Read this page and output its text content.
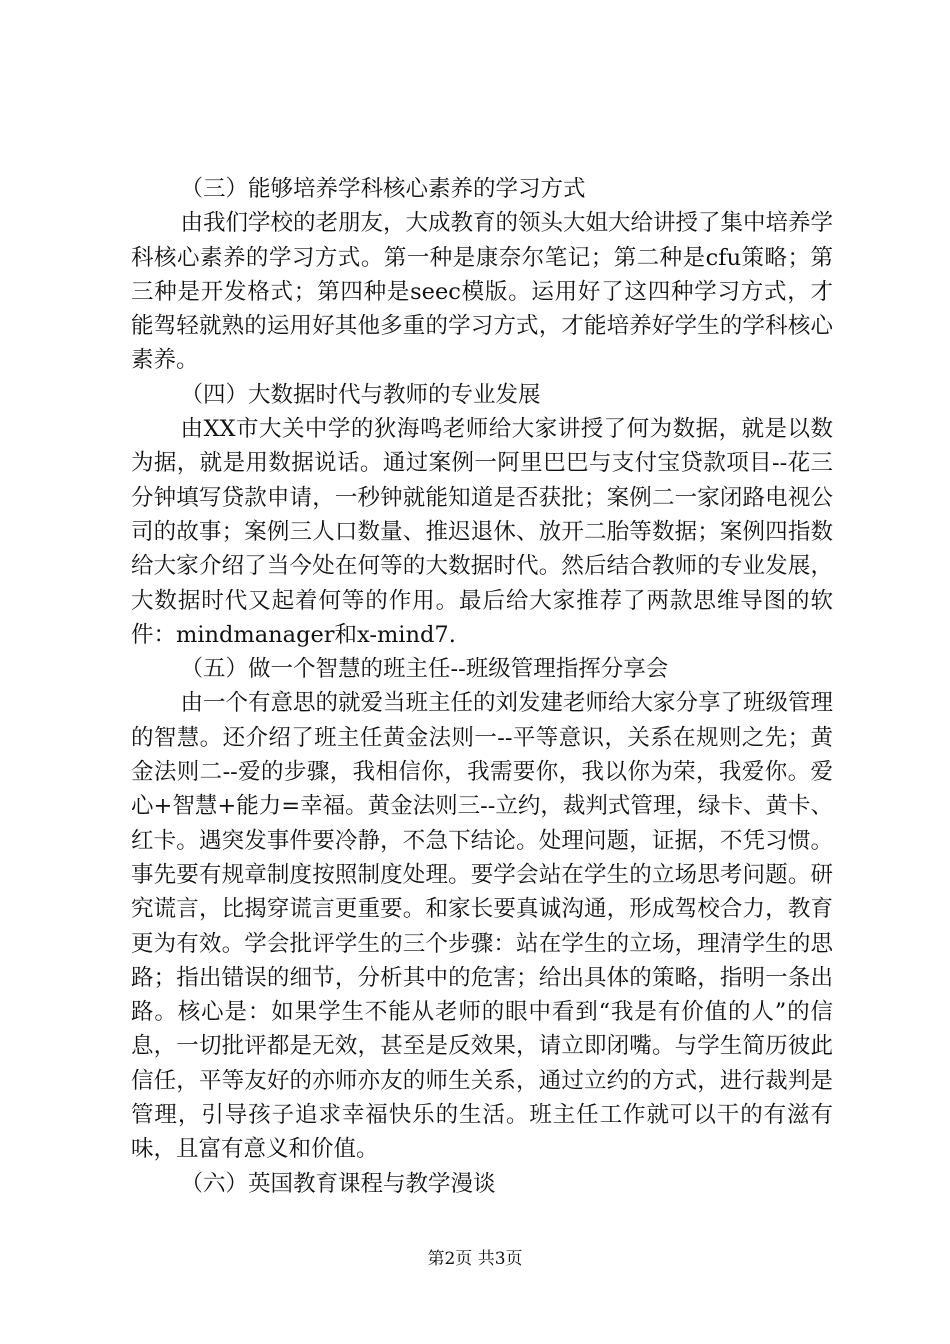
（三）能够培养学科核心素养的学习方式

由我们学校的老朋友，大成教育的领头大姐大给讲授了集中培养学科核心素养的学习方式。第一种是康奈尔笔记；第二种是cfu策略；第三种是开发格式；第四种是seec模版。运用好了这四种学习方式，才能驾轻就熟的运用好其他多重的学习方式，才能培养好学生的学科核心素养。

（四）大数据时代与教师的专业发展

由XX市大关中学的狄海鸣老师给大家讲授了何为数据，就是以数为据，就是用数据说话。通过案例一阿里巴巴与支付宝贷款项目--花三分钟填写贷款申请，一秒钟就能知道是否获批；案例二一家闭路电视公司的故事；案例三人口数量、推迟退休、放开二胎等数据；案例四指数给大家介绍了当今处在何等的大数据时代。然后结合教师的专业发展，大数据时代又起着何等的作用。最后给大家推荐了两款思维导图的软件：mindmanager和x-mind7.

（五）做一个智慧的班主任--班级管理指挥分享会

由一个有意思的就爱当班主任的刘发建老师给大家分享了班级管理的智慧。还介绍了班主任黄金法则一--平等意识，关系在规则之先；黄金法则二--爱的步骤，我相信你，我需要你，我以你为荣，我爱你。爱心+智慧+能力=幸福。黄金法则三--立约，裁判式管理，绿卡、黄卡、红卡。遇突发事件要冷静，不急下结论。处理问题，证据，不凭习惯。事先要有规章制度按照制度处理。要学会站在学生的立场思考问题。研究谎言，比揭穿谎言更重要。和家长要真诚沟通，形成驾校合力，教育更为有效。学会批评学生的三个步骤：站在学生的立场，理清学生的思路；指出错误的细节，分析其中的危害；给出具体的策略，指明一条出路。核心是：如果学生不能从老师的眼中看到“我是有价值的人”的信息，一切批评都是无效，甚至是反效果，请立即闭嘴。与学生简历彼此信任，平等友好的亦师亦友的师生关系，通过立约的方式，进行裁判是管理，引导孩子追求幸福快乐的生活。班主任工作就可以干的有滋有味，且富有意义和价值。

（六）英国教育课程与教学漫谈

第2页 共3页
